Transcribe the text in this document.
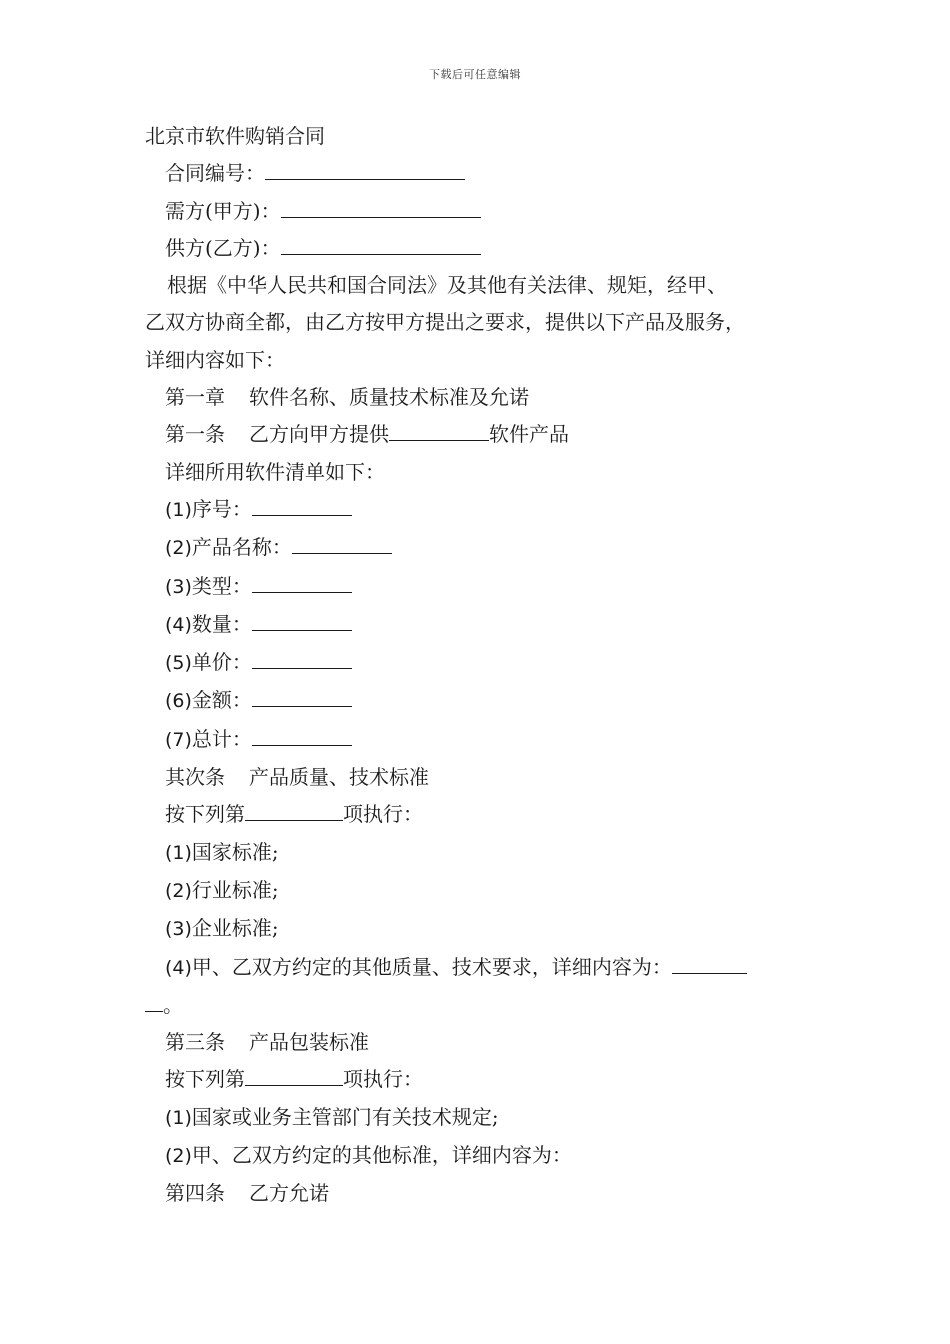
下载后可任意编辑
北京市软件购销合同
合同编号：
需方(甲方)：
供方(乙方)：
根据《中华人民共和国合同法》及其他有关法律、规矩，经甲、
乙双方协商全都，由乙方按甲方提出之要求，提供以下产品及服务，
详细内容如下：
第一章 软件名称、质量技术标准及允诺
第一条 乙方向甲方提供	软件产品
详细所用软件清单如下：
(1)序号：
(2)产品名称：
(3)类型：
(4)数量：
(5)单价：
(6)金额：
(7)总计：
其次条 产品质量、技术标准
按下列第	项执行：
(1)国家标准;
(2)行业标准;
(3)企业标准;
(4)甲、乙双方约定的其他质量、技术要求，详细内容为：
。
第三条 产品包装标准
按下列第	项执行：
(1)国家或业务主管部门有关技术规定;
(2)甲、乙双方约定的其他标准，详细内容为：
第四条 乙方允诺
